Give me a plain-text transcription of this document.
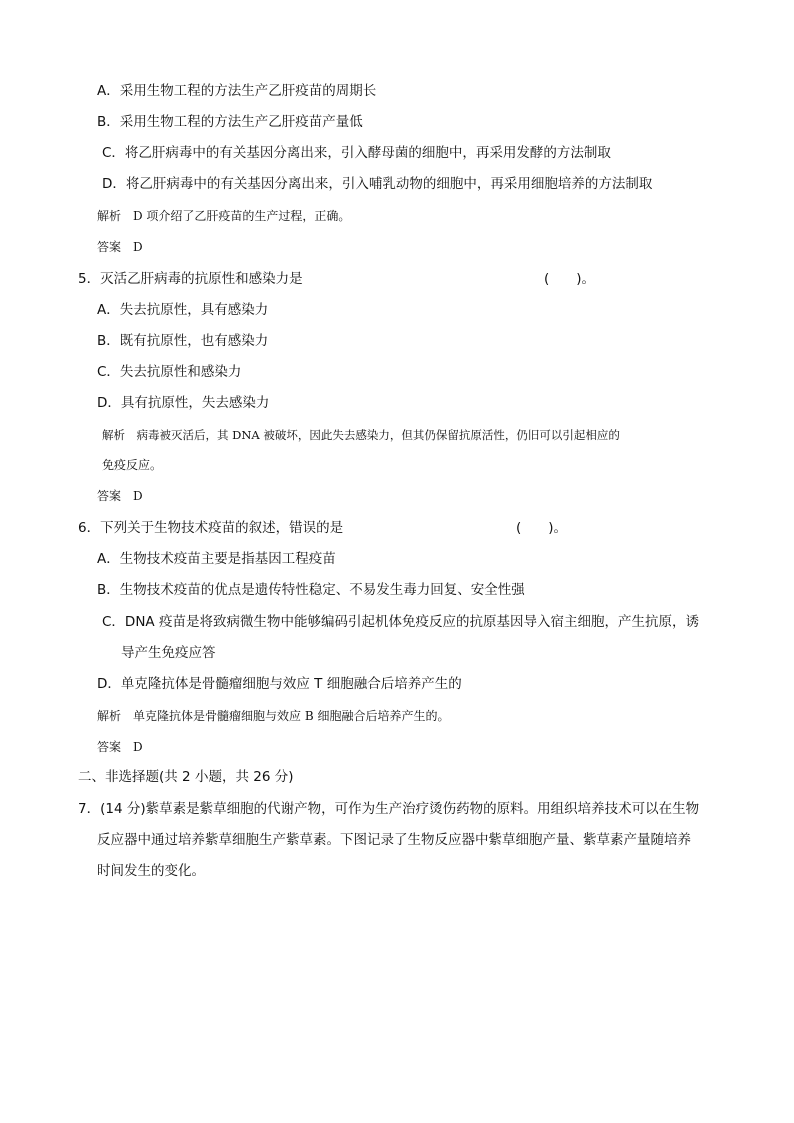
A．采用生物工程的方法生产乙肝疫苗的周期长
B．采用生物工程的方法生产乙肝疫苗产量低
C．将乙肝病毒中的有关基因分离出来，引入酵母菌的细胞中，再采用发酵的方法制取
D．将乙肝病毒中的有关基因分离出来，引入哺乳动物的细胞中，再采用细胞培养的方法制取
解析　D 项介绍了乙肝疫苗的生产过程，正确。
答案　D
5．灭活乙肝病毒的抗原性和感染力是	(　　)。
A．失去抗原性，具有感染力
B．既有抗原性，也有感染力
C．失去抗原性和感染力
D．具有抗原性，失去感染力
解析　病毒被灭活后，其 DNA 被破坏，因此失去感染力，但其仍保留抗原活性，仍旧可以引起相应的
免疫反应。
答案　D
6．下列关于生物技术疫苗的叙述，错误的是	(　　)。
A．生物技术疫苗主要是指基因工程疫苗
B．生物技术疫苗的优点是遗传特性稳定、不易发生毒力回复、安全性强
C．DNA 疫苗是将致病微生物中能够编码引起机体免疫反应的抗原基因导入宿主细胞，产生抗原，诱
导产生免疫应答
D．单克隆抗体是骨髓瘤细胞与效应 T 细胞融合后培养产生的
解析　单克隆抗体是骨髓瘤细胞与效应 B 细胞融合后培养产生的。
答案　D
二、非选择题(共 2 小题，共 26 分)
7．(14 分)紫草素是紫草细胞的代谢产物，可作为生产治疗烫伤药物的原料。用组织培养技术可以在生物
反应器中通过培养紫草细胞生产紫草素。下图记录了生物反应器中紫草细胞产量、紫草素产量随培养
时间发生的变化。
